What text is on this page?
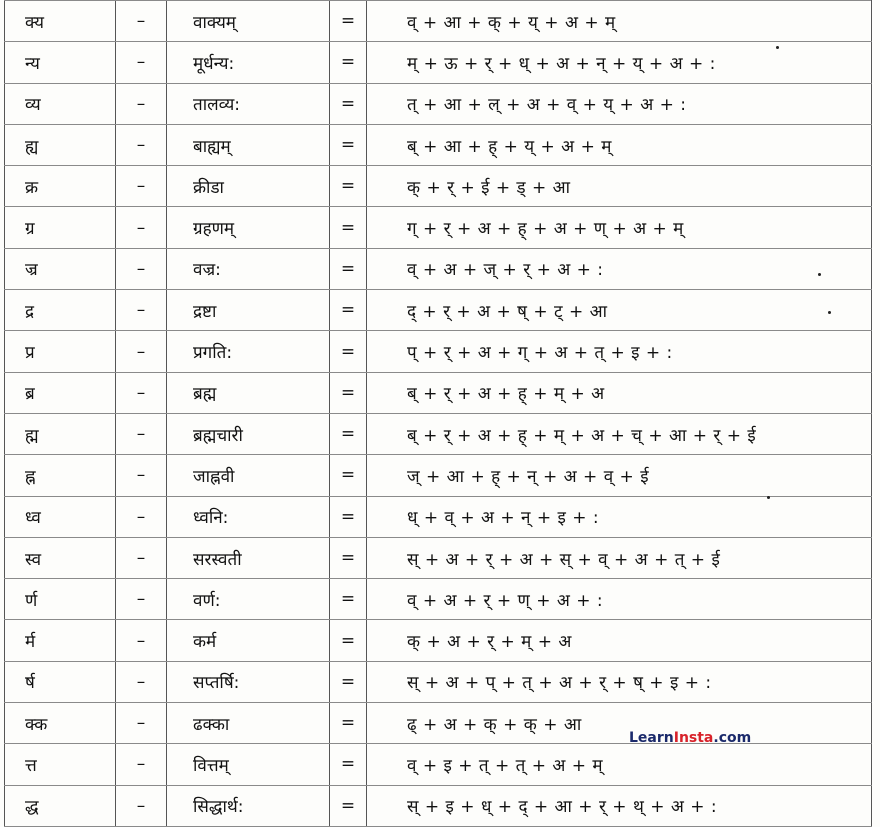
क्य	–	वाक्यम्	=	व् + आ + क् + य् + अ + म्
न्य	–	मूर्धन्य:	=	म् + ऊ + र् + ध् + अ + न् + य् + अ + :
व्य	–	तालव्य:	=	त् + आ + ल् + अ + व् + य् + अ + :
ह्य	–	बाह्यम्	=	ब् + आ + ह् + य् + अ + म्
क्र	–	क्रीडा	=	क् + र् + ई + ड् + आ
ग्र	–	ग्रहणम्	=	ग् + र् + अ + ह् + अ + ण् + अ + म्
ज्र	–	वज्र:	=	व् + अ + ज् + र् + अ + :
द्र	–	द्रष्टा	=	द् + र् + अ + ष् + ट् + आ
प्र	–	प्रगति:	=	प् + र् + अ + ग् + अ + त् + इ + :
ब्र	–	ब्रह्म	=	ब् + र् + अ + ह् + म् + अ
ह्म	–	ब्रह्मचारी	=	ब् + र् + अ + ह् + म् + अ + च् + आ + र् + ई
ह्न	–	जाह्नवी	=	ज् + आ + ह् + न् + अ + व् + ई
ध्व	–	ध्वनि:	=	ध् + व् + अ + न् + इ + :
स्व	–	सरस्वती	=	स् + अ + र् + अ + स् + व् + अ + त् + ई
र्ण	–	वर्ण:	=	व् + अ + र् + ण् + अ + :
र्म	–	कर्म	=	क् + अ + र् + म् + अ
र्ष	–	सप्तर्षि:	=	स् + अ + प् + त् + अ + र् + ष् + इ + :
क्क	–	ढक्का	=	ढ् + अ + क् + क् + आ
त्त	–	वित्तम्	=	व् + इ + त् + त् + अ + म्
द्ध	–	सिद्धार्थ:	=	स् + इ + ध् + द् + आ + र् + थ् + अ + :
LearnInsta.com
